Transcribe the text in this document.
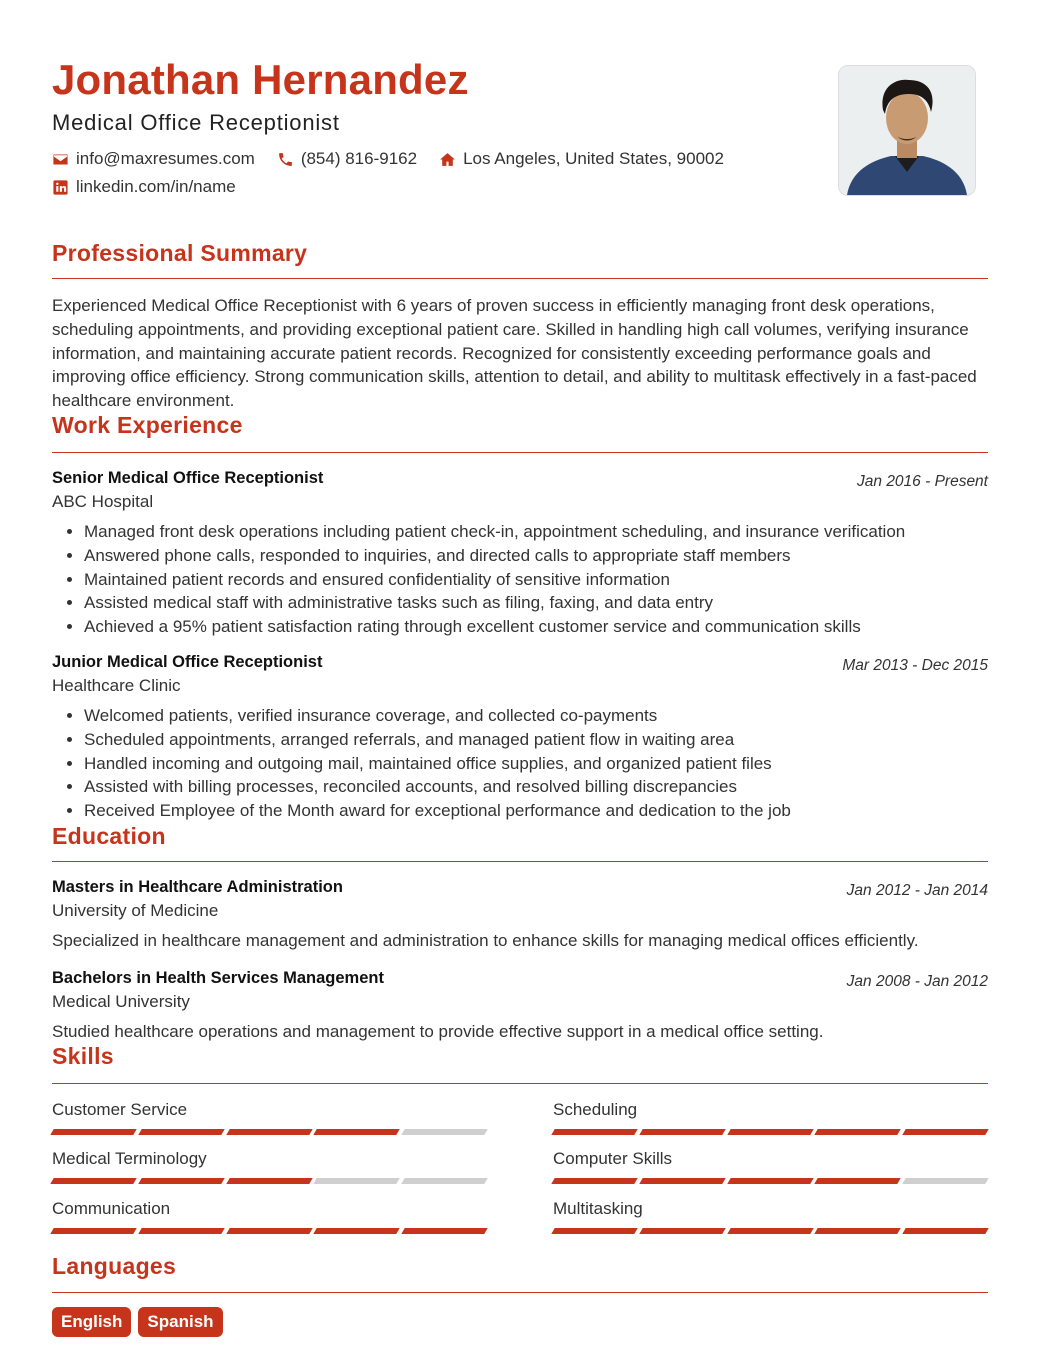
Jonathan Hernandez
Medical Office Receptionist
info@maxresumes.com	(854) 816-9162	Los Angeles, United States, 90002
linkedin.com/in/name
Professional Summary

Experienced Medical Office Receptionist with 6 years of proven success in efficiently managing front desk operations, scheduling appointments, and providing exceptional patient care. Skilled in handling high call volumes, verifying insurance information, and maintaining accurate patient records. Recognized for consistently exceeding performance goals and improving office efficiency. Strong communication skills, attention to detail, and ability to multitask effectively in a fast-paced healthcare environment.

Work Experience
Senior Medical Office Receptionist	Jan 2016 - Present
ABC Hospital
• Managed front desk operations including patient check-in, appointment scheduling, and insurance verification
• Answered phone calls, responded to inquiries, and directed calls to appropriate staff members
• Maintained patient records and ensured confidentiality of sensitive information
• Assisted medical staff with administrative tasks such as filing, faxing, and data entry
• Achieved a 95% patient satisfaction rating through excellent customer service and communication skills
Junior Medical Office Receptionist	Mar 2013 - Dec 2015
Healthcare Clinic
• Welcomed patients, verified insurance coverage, and collected co-payments
• Scheduled appointments, arranged referrals, and managed patient flow in waiting area
• Handled incoming and outgoing mail, maintained office supplies, and organized patient files
• Assisted with billing processes, reconciled accounts, and resolved billing discrepancies
• Received Employee of the Month award for exceptional performance and dedication to the job
Education
Masters in Healthcare Administration	Jan 2012 - Jan 2014
University of Medicine
Specialized in healthcare management and administration to enhance skills for managing medical offices efficiently.
Bachelors in Health Services Management	Jan 2008 - Jan 2012
Medical University
Studied healthcare operations and management to provide effective support in a medical office setting.
Skills
Customer Service	Scheduling
Medical Terminology	Computer Skills
Communication	Multitasking
Languages
English	Spanish
